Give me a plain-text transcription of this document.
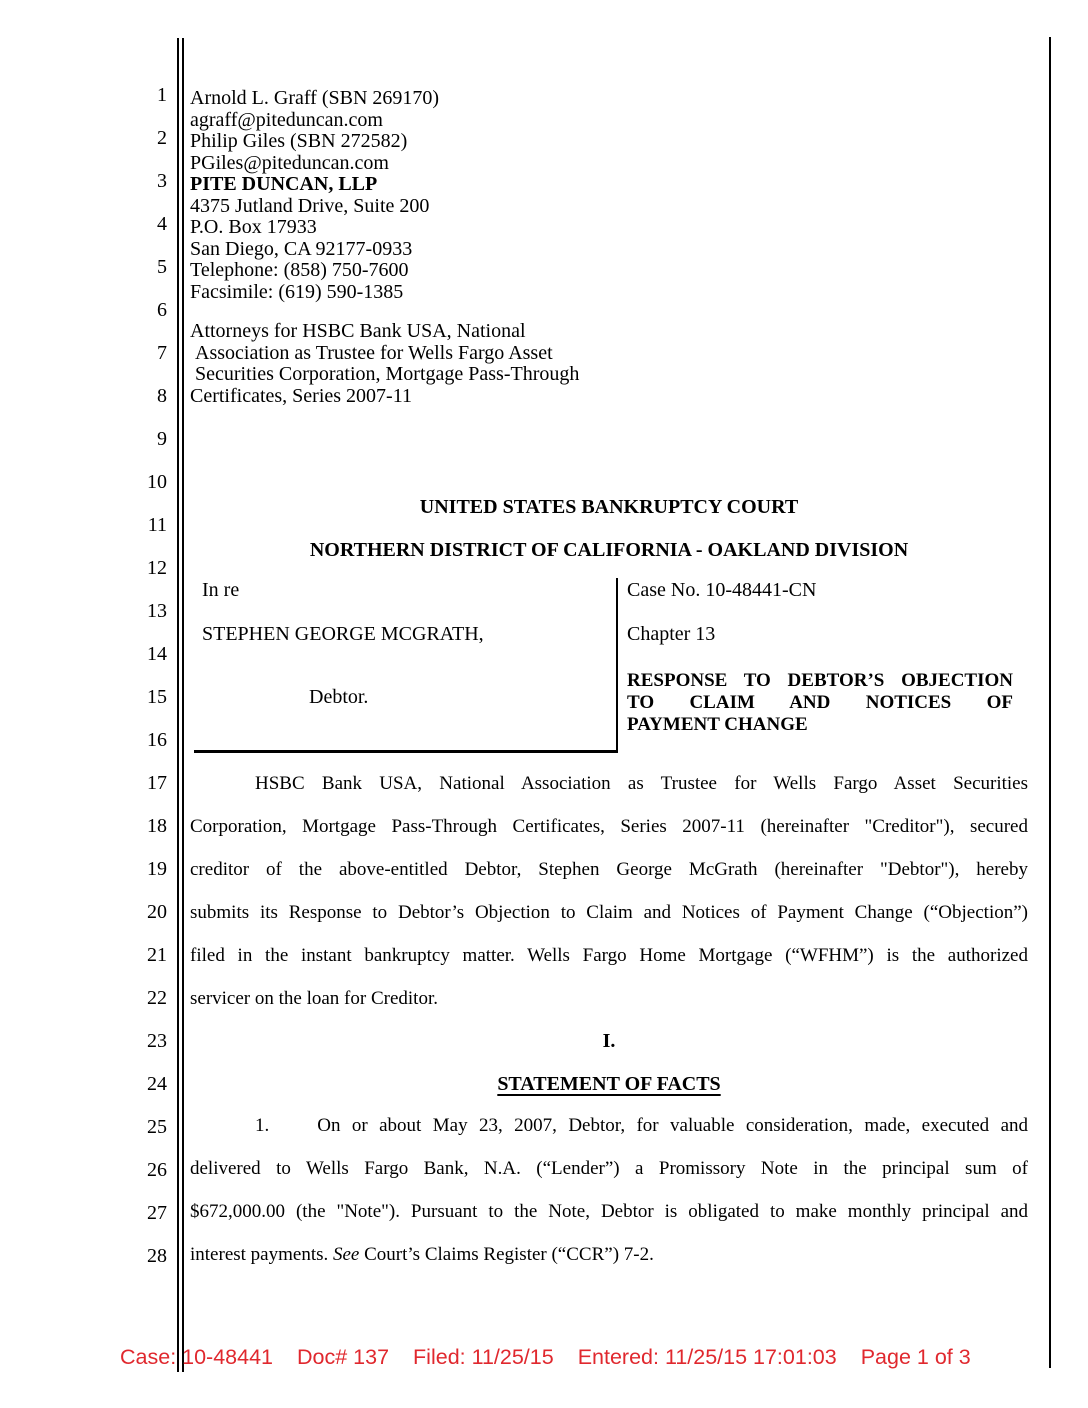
1
2
3
4
5
6
7
8
9
10
11
12
13
14
15
16
17
18
19
20
21
22
23
24
25
26
27
28
Arnold L. Graff (SBN 269170)
agraff@piteduncan.com
Philip Giles (SBN 272582)
PGiles@piteduncan.com
PITE DUNCAN, LLP
4375 Jutland Drive, Suite 200
P.O. Box 17933
San Diego, CA 92177-0933
Telephone: (858) 750-7600
Facsimile: (619) 590-1385
Attorneys for HSBC Bank USA, National
Association as Trustee for Wells Fargo Asset
Securities Corporation, Mortgage Pass-Through
Certificates, Series 2007-11
UNITED STATES BANKRUPTCY COURT
NORTHERN DISTRICT OF CALIFORNIA - OAKLAND DIVISION
In re
STEPHEN GEORGE MCGRATH,
Debtor.
Case No. 10-48441-CN
Chapter 13
RESPONSE TO DEBTOR’S OBJECTION
TO CLAIM AND NOTICES OF
PAYMENT CHANGE
HSBC Bank USA, National Association as Trustee for Wells Fargo Asset Securities
Corporation, Mortgage Pass-Through Certificates, Series 2007-11 (hereinafter "Creditor"), secured
creditor of the above-entitled Debtor, Stephen George McGrath (hereinafter "Debtor"), hereby
submits its Response to Debtor’s Objection to Claim and Notices of Payment Change (“Objection”)
filed in the instant bankruptcy matter. Wells Fargo Home Mortgage (“WFHM”) is the authorized
servicer on the loan for Creditor.
I.
STATEMENT OF FACTS
1.	On or about May 23, 2007, Debtor, for valuable consideration, made, executed and
delivered to Wells Fargo Bank, N.A. (“Lender”) a Promissory Note in the principal sum of
$672,000.00 (the "Note"). Pursuant to the Note, Debtor is obligated to make monthly principal and
interest payments. See Court’s Claims Register (“CCR”) 7-2.
Case: 10-48441 Doc# 137 Filed: 11/25/15 Entered: 11/25/15 17:01:03 Page 1 of 3
